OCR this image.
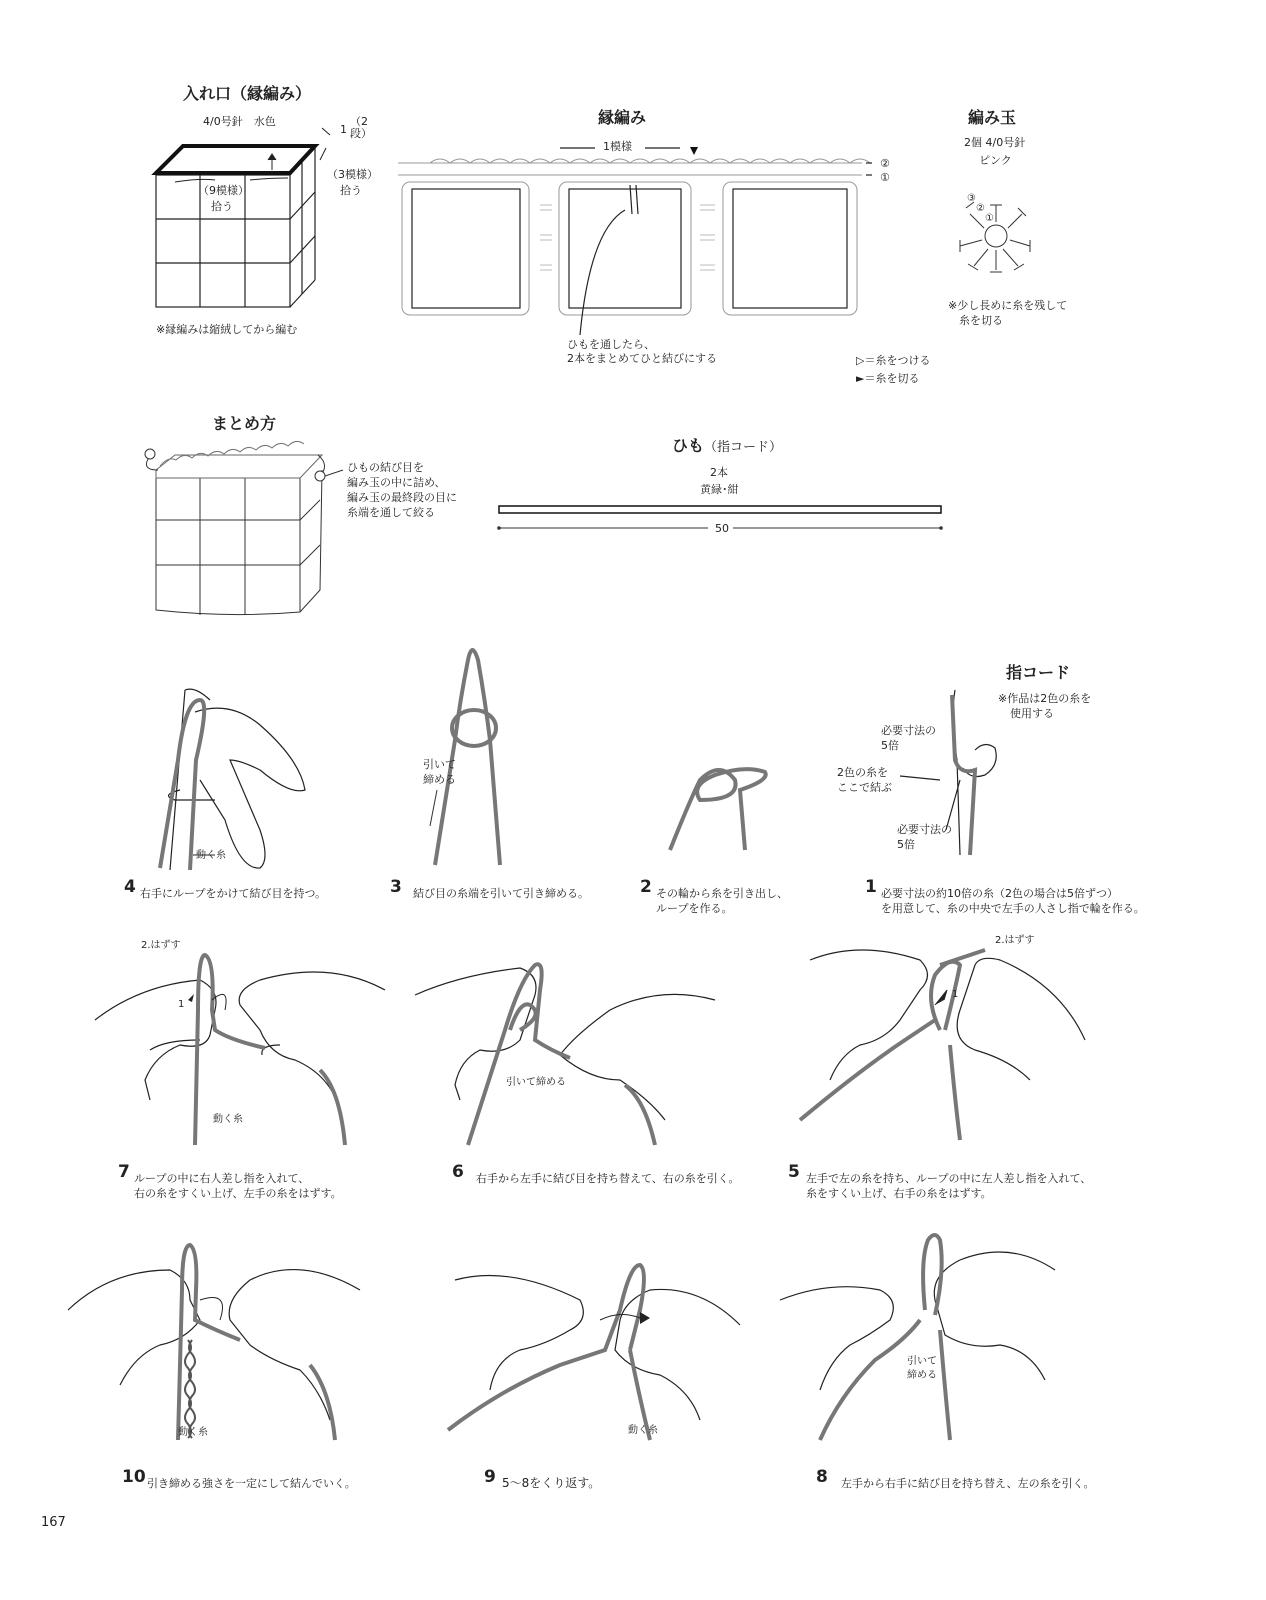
入れ口（縁編み）
4/0号針　水色
1
（2段）
（9模様）
拾う
（3模様）
拾う
※縁編みは縮絨してから編む
縁編み
1模様
②
①
ひもを通したら、
2本をまとめてひと結びにする	▷＝糸をつける
►＝糸を切る
編み玉
2個 4/0号針
ピンク
※少し長めに糸を残して
糸を切る
①
②
③
まとめ方
ひもの結び目を
編み玉の中に詰め、
編み玉の最終段の目に
糸端を通して絞る
ひも（指コード）
2本
黄緑･紺
50
指コード
※作品は2色の糸を
使用する
必要寸法の
5倍
2色の糸を
ここで結ぶ
必要寸法の
5倍
動く糸
引いて
締める
4 右手にループをかけて結び目を持つ。	3 結び目の糸端を引いて引き締める。	2 その輪から糸を引き出し、
ループを作る。
1 必要寸法の約10倍の糸（2色の場合は5倍ずつ）
を用意して、糸の中央で左手の人さし指で輪を作る。
2.はずす
1
動く糸
引いて締める
2.はずす
1
7 ループの中に右人差し指を入れて、
右の糸をすくい上げ、左手の糸をはずす。
6 右手から左手に結び目を持ち替えて、右の糸を引く。	5 左手で左の糸を持ち、ループの中に左人差し指を入れて、
糸をすくい上げ、右手の糸をはずす。
動く糸	動く糸
引いて
締める
10 引き締める強さを一定にして結んでいく。	9 5～8をくり返す。	8 左手から右手に結び目を持ち替え、左の糸を引く。
167
